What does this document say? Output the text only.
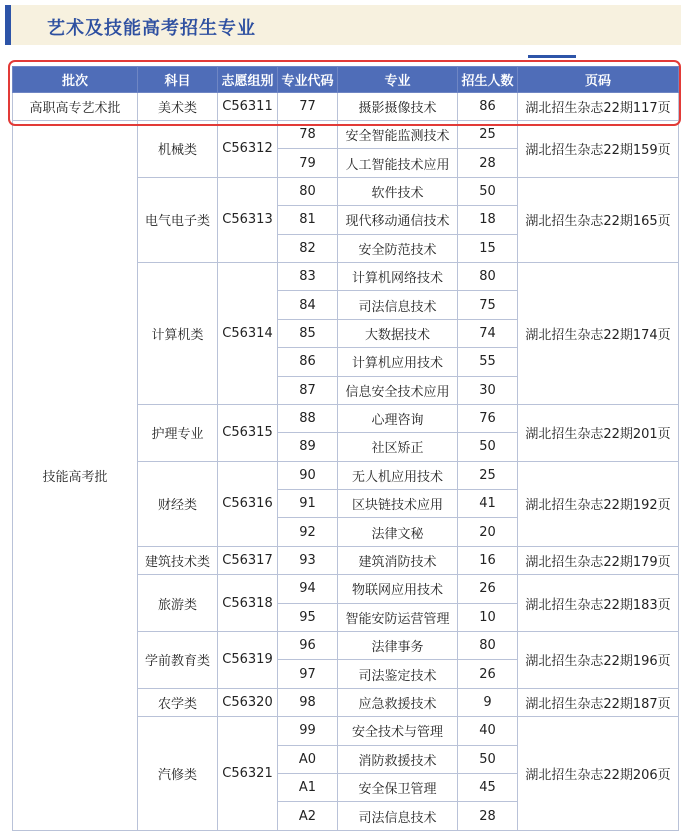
艺术及技能高考招生专业
批次	科目	志愿组别	专业代码	专业	招生人数	页码
高职高专艺术批	美术类	C56311	77	摄影摄像技术	86	湖北招生杂志22期117页
技能高考批	机械类	C56312	78	安全智能监测技术	25	湖北招生杂志22期159页
			79	人工智能技术应用	28	
	电气电子类	C56313	80	软件技术	50	湖北招生杂志22期165页
			81	现代移动通信技术	18	
			82	安全防范技术	15	
	计算机类	C56314	83	计算机网络技术	80	湖北招生杂志22期174页
			84	司法信息技术	75	
			85	大数据技术	74	
			86	计算机应用技术	55	
			87	信息安全技术应用	30	
	护理专业	C56315	88	心理咨询	76	湖北招生杂志22期201页
			89	社区矫正	50	
	财经类	C56316	90	无人机应用技术	25	湖北招生杂志22期192页
			91	区块链技术应用	41	
			92	法律文秘	20	
	建筑技术类	C56317	93	建筑消防技术	16	湖北招生杂志22期179页
	旅游类	C56318	94	物联网应用技术	26	湖北招生杂志22期183页
			95	智能安防运营管理	10	
	学前教育类	C56319	96	法律事务	80	湖北招生杂志22期196页
			97	司法鉴定技术	26	
	农学类	C56320	98	应急救援技术	9	湖北招生杂志22期187页
	汽修类	C56321	99	安全技术与管理	40	湖北招生杂志22期206页
			A0	消防救援技术	50	
			A1	安全保卫管理	45	
			A2	司法信息技术	28	
